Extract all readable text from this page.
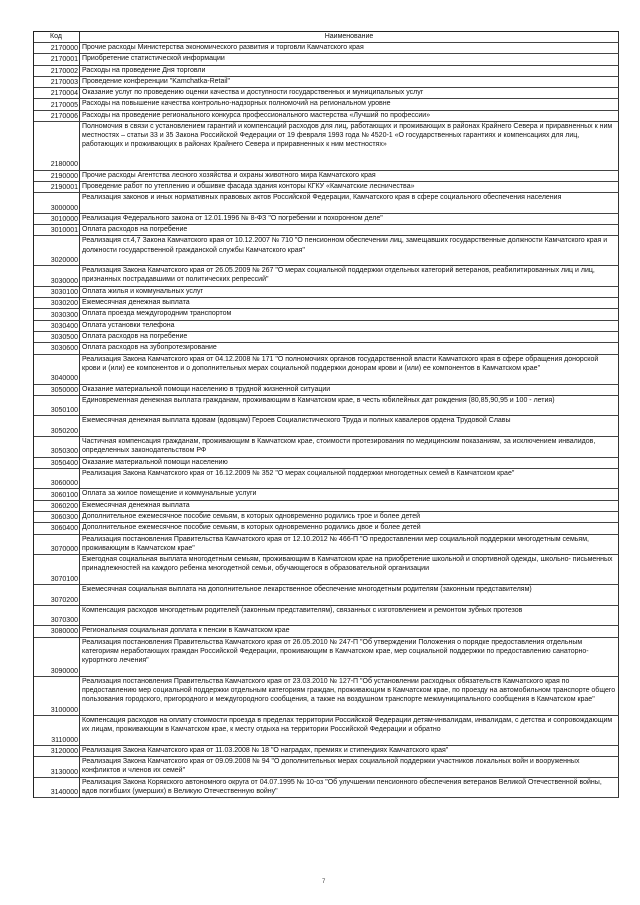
Код	Наименование
2170000 Прочие расходы Министерства экономического развития и торговли Камчатского края
2170001 Приобретение статистической информации
2170002 Расходы на проведение Дня торговли
2170003 Проведение конференции "Kamchatka-Retail"
2170004 Оказание услуг по проведению оценки качества и доступности государственных и муниципальных услуг
2170005 Расходы на повышение качества контрольно-надзорных полномочий на региональном уровне
2170006 Расходы на проведение регионального конкурса профессионального мастерства «Лучший по профессии»
2180000
Полномочия в связи с установлением гарантий и компенсаций расходов для лиц, работающих и проживающих в районах Крайнего Севера и приравненных к ним местностях – статьи 33 и 35 Закона Российской Федерации от 19 февраля 1993 года № 4520-1 «О государственных гарантиях и компенсациях для лиц, работающих и проживающих в районах Крайнего Севера и приравненных к ним местностях»
2190000 Прочие расходы Агентства лесного хозяйства и охраны животного мира Камчатского края
2190001 Проведение работ по утеплению и обшивке фасада здания конторы КГКУ «Камчатские лесничества»
3000000
Реализация законов и иных нормативных правовых актов Российской Федерации, Камчатского края в сфере социального обеспечения населения
3010000 Реализация Федерального закона от 12.01.1996 № 8-ФЗ "О погребении и похоронном деле"
3010001 Оплата расходов на погребение
3020000
Реализация ст.4,7 Закона Камчатского края от 10.12.2007 № 710 "О пенсионном обеспечении лиц, замещавших государственные должности Камчатского края и должности государственной гражданской службы Камчатского края"
3030000
Реализация Закона Камчатского края от 26.05.2009 № 267 "О мерах социальной поддержки отдельных категорий ветеранов, реабилитированных лиц и лиц, признанных пострадавшими от политических репрессий"
3030100 Оплата жилья и коммунальных услуг
3030200 Ежемесячная денежная выплата
3030300 Оплата проезда междугородним транспортом
3030400 Оплата установки телефона
3030500 Оплата расходов на погребение
3030600 Оплата расходов на зубопротезирование
3040000
Реализация Закона Камчатского края от 04.12.2008 № 171 "О полномочиях органов государственной власти Камчатского края в сфере обращения донорской крови и (или) ее компонентов и о дополнительных мерах социальной поддержки донорам крови и (или) ее компонентов в Камчатском крае"
3050000 Оказание материальной помощи населению в трудной жизненной ситуации
3050100
Единовременная денежная выплата гражданам, проживающим в Камчатском крае, в честь юбилейных дат рождения (80,85,90,95 и 100 - летия)
3050200
Ежемесячная денежная выплата вдовам (вдовцам) Героев Социалистического Труда и полных кавалеров ордена Трудовой Славы
3050300
Частичная компенсация гражданам, проживающим в Камчатском крае, стоимости протезирования по медицинским показаниям, за исключением инвалидов, определенных законодательством РФ
3050400 Оказание материальной помощи населению
3060000
Реализация Закона Камчатского края от 16.12.2009 № 352 "О мерах социальной поддержки многодетных семей в Камчатском крае"
3060100 Оплата за жилое помещение и коммунальные услуги
3060200 Ежемесячная денежная выплата
3060300 Дополнительное ежемесячное пособие семьям, в которых одновременно родились трое и более детей
3060400 Дополнительное ежемесячное пособие семьям, в которых одновременно родились двое и более детей
3070000
Реализация постановления Правительства Камчатского края от 12.10.2012 № 466-П "О предоставлении мер социальной поддержки многодетным семьям, проживающим в Камчатском крае"
3070100
Ежегодная социальная выплата многодетным семьям, проживающим в Камчатском крае на приобретение школьной и спортивной одежды, школьно- письменных принадлежностей на каждого ребенка многодетной семьи, обучающегося в образовательной организации
3070200
Ежемесячная социальная выплата на дополнительное лекарственное обеспечение многодетным родителям (законным представителям)
3070300
Компенсация расходов многодетным родителей (законным представителям), связанных с изготовлением и ремонтом зубных протезов
3080000 Региональная социальная доплата к пенсии в Камчатском крае
3090000
Реализация постановления Правительства Камчатского края от 26.05.2010 № 247-П "Об утверждении Положения о порядке предоставления отдельным категориям неработающих граждан Российской Федерации, проживающим в Камчатском крае, мер социальной поддержки по предоставлению санаторно-курортного лечения"
3100000
Реализация постановления Правительства Камчатского края от 23.03.2010 № 127-П "Об установлении расходных обязательств Камчатского края по предоставлению мер социальной поддержки отдельным категориям граждан, проживающим в Камчатском крае, по проезду на автомобильном транспорте общего пользования городского, пригородного и междугородного сообщения, а также на воздушном транспорте межмуниципального сообщения в Камчатском крае"
3110000
Компенсация расходов на оплату стоимости проезда в пределах территории Российской Федерации детям-инвалидам, инвалидам, с детства и сопровождающим их лицам, проживающим в Камчатском крае, к месту отдыха на территории Российской Федерации и обратно
3120000 Реализация Закона Камчатского края от 11.03.2008 № 18 "О наградах, премиях и стипендиях Камчатского края"
3130000
Реализация Закона Камчатского края от 09.09.2008 № 94 "О дополнительных мерах социальной поддержки участников локальных войн и вооруженных конфликтов и членов их семей"
3140000
Реализация Закона Корякского автономного округа от 04.07.1995 № 10-оз "Об улучшении пенсионного обеспечения ветеранов Великой Отечественной войны, вдов погибших (умерших) в Великую Отечественную войну"
7
